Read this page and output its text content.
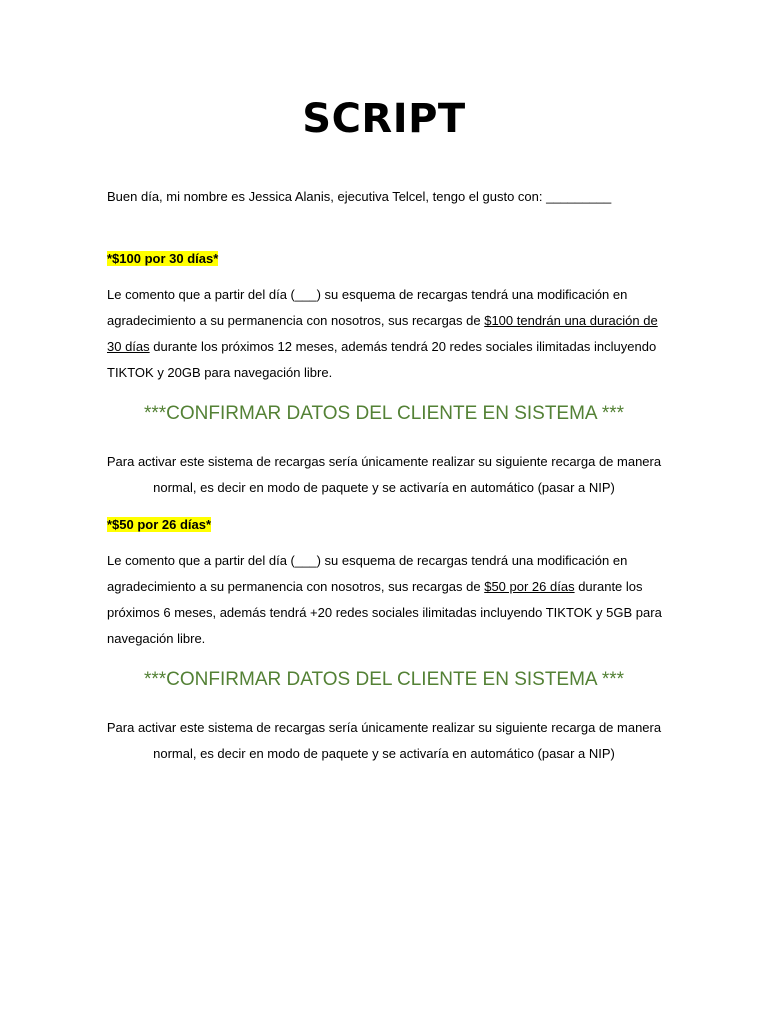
SCRIPT

Buen día, mi nombre es Jessica Alanis, ejecutiva Telcel, tengo el gusto con: _________

*$100 por 30 días*

Le comento que a partir del día (___) su esquema de recargas tendrá una modificación en agradecimiento a su permanencia con nosotros, sus recargas de $100 tendrán una duración de 30 días durante los próximos 12 meses, además tendrá 20 redes sociales ilimitadas incluyendo TIKTOK y 20GB para navegación libre.

***CONFIRMAR DATOS DEL CLIENTE EN SISTEMA ***

Para activar este sistema de recargas sería únicamente realizar su siguiente recarga de manera normal, es decir en modo de paquete y se activaría en automático (pasar a NIP)

*$50 por 26 días*

Le comento que a partir del día (___) su esquema de recargas tendrá una modificación en agradecimiento a su permanencia con nosotros, sus recargas de $50 por 26 días durante los próximos 6 meses, además tendrá +20 redes sociales ilimitadas incluyendo TIKTOK y 5GB para navegación libre.

***CONFIRMAR DATOS DEL CLIENTE EN SISTEMA ***

Para activar este sistema de recargas sería únicamente realizar su siguiente recarga de manera normal, es decir en modo de paquete y se activaría en automático (pasar a NIP)
